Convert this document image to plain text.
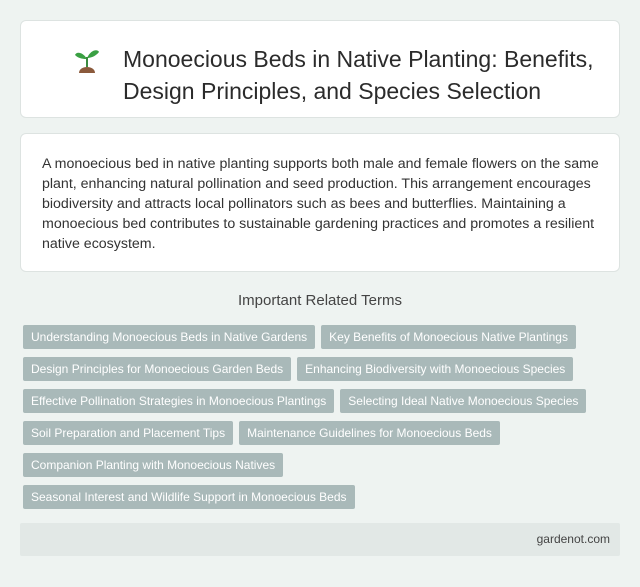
Monoecious Beds in Native Planting: Benefits, Design Principles, and Species Selection

A monoecious bed in native planting supports both male and female flowers on the same plant, enhancing natural pollination and seed production. This arrangement encourages biodiversity and attracts local pollinators such as bees and butterflies. Maintaining a monoecious bed contributes to sustainable gardening practices and promotes a resilient native ecosystem.

Important Related Terms
Understanding Monoecious Beds in Native Gardens	Key Benefits of Monoecious Native Plantings
Design Principles for Monoecious Garden Beds	Enhancing Biodiversity with Monoecious Species
Effective Pollination Strategies in Monoecious Plantings	Selecting Ideal Native Monoecious Species
Soil Preparation and Placement Tips	Maintenance Guidelines for Monoecious Beds
Companion Planting with Monoecious Natives
Seasonal Interest and Wildlife Support in Monoecious Beds
gardenot.com
